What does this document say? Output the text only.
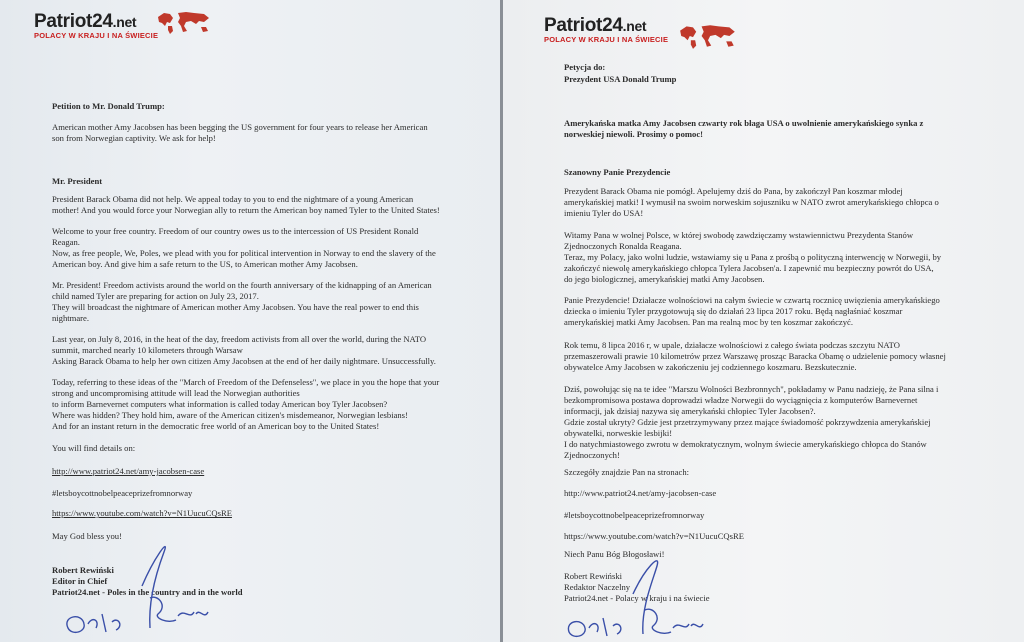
Patriot24.net
POLACY W KRAJU I NA ŚWIECIE
Petition to Mr. Donald Trump:
American mother Amy Jacobsen has been begging the US government for four years to release her American
son from Norwegian captivity. We ask for help!
Mr. President
President Barack Obama did not help. We appeal today to you to end the nightmare of a young American
mother! And you would force your Norwegian ally to return the American boy named Tyler to the United States!
Welcome to your free country. Freedom of our country owes us to the intercession of US President Ronald
Reagan.
Now, as free people, We, Poles, we plead with you for political intervention in Norway to end the slavery of the
American boy. And give him a safe return to the US, to American mother Amy Jacobsen.
Mr. President! Freedom activists around the world on the fourth anniversary of the kidnapping of an American
child named Tyler are preparing for action on July 23, 2017.
They will broadcast the nightmare of American mother Amy Jacobsen. You have the real power to end this
nightmare.
Last year, on July 8, 2016, in the heat of the day, freedom activists from all over the world, during the NATO
summit, marched nearly 10 kilometers through Warsaw
Asking Barack Obama to help her own citizen Amy Jacobsen at the end of her daily nightmare. Unsuccessfully.
Today, referring to these ideas of the "March of Freedom of the Defenseless", we place in you the hope that your
strong and uncompromising attitude will lead the Norwegian authorities
to inform Barnevernet computers what information is called today American boy Tyler Jacobsen?
Where was hidden? They hold him, aware of the American citizen's misdemeanor, Norwegian lesbians!
And for an instant return in the democratic free world of an American boy to the United States!
You will find details on:
http://www.patriot24.net/amy-jacobsen-case
#letsboycottnobelpeaceprizefromnorway
https://www.youtube.com/watch?v=N1UucuCQsRE
May God bless you!
Robert Rewiński
Editor in Chief
Patriot24.net - Poles in the country and in the world
Patriot24.net
POLACY W KRAJU I NA ŚWIECIE
Petycja do:
Prezydent USA Donald Trump
Amerykańska matka Amy Jacobsen czwarty rok błaga USA o uwolnienie amerykańskiego synka z
norweskiej niewoli. Prosimy o pomoc!
Szanowny Panie Prezydencie
Prezydent Barack Obama nie pomógł. Apelujemy dziś do Pana, by zakończył Pan koszmar młodej
amerykańskiej matki! I wymusił na swoim norweskim sojuszniku w NATO zwrot amerykańskiego chłopca o
imieniu Tyler do USA!
Witamy Pana w wolnej Polsce, w której swobodę zawdzięczamy wstawiennictwu Prezydenta Stanów
Zjednoczonych Ronalda Reagana.
Teraz, my Polacy, jako wolni ludzie, wstawiamy się u Pana z prośbą o polityczną interwencję w Norwegii, by
zakończyć niewolę amerykańskiego chłopca Tylera Jacobsen'a. I zapewnić mu bezpieczny powrót do USA,
do jego biologicznej, amerykańskiej matki Amy Jacobsen.
Panie Prezydencie! Działacze wolnościowi na całym świecie w czwartą rocznicę uwięzienia amerykańskiego
dziecka o imieniu Tyler przygotowują się do działań 23 lipca 2017 roku. Będą nagłaśniać koszmar
amerykańskiej matki Amy Jacobsen. Pan ma realną moc by ten koszmar zakończyć.
Rok temu, 8 lipca 2016 r, w upale, działacze wolnościowi z całego świata podczas szczytu NATO
przemaszerowali prawie 10 kilometrów przez Warszawę prosząc Baracka Obamę o udzielenie pomocy własnej
obywatelce Amy Jacobsen w zakończeniu jej codziennego koszmaru. Bezskutecznie.
Dziś, powołując się na te idee "Marszu Wolności Bezbronnych", pokładamy w Panu nadzieję, że Pana silna i
bezkompromisowa postawa doprowadzi władze Norwegii do wyciągnięcia z komputerów Barnevernet
informacji, jak dzisiaj nazywa się amerykański chłopiec Tyler Jacobsen?.
Gdzie został ukryty? Gdzie jest przetrzymywany przez mające świadomość pokrzywdzenia amerykańskiej
obywatelki, norweskie lesbijki!
I do natychmiastowego zwrotu w demokratycznym, wolnym świecie amerykańskiego chłopca do Stanów
Zjednoczonych!
Szczegóły znajdzie Pan na stronach:
http://www.patriot24.net/amy-jacobsen-case
#letsboycottnobelpeaceprizefromnorway
https://www.youtube.com/watch?v=N1UucuCQsRE
Niech Panu Bóg Błogosławi!
Robert Rewiński
Redaktor Naczelny
Patriot24.net - Polacy w kraju i na świecie
